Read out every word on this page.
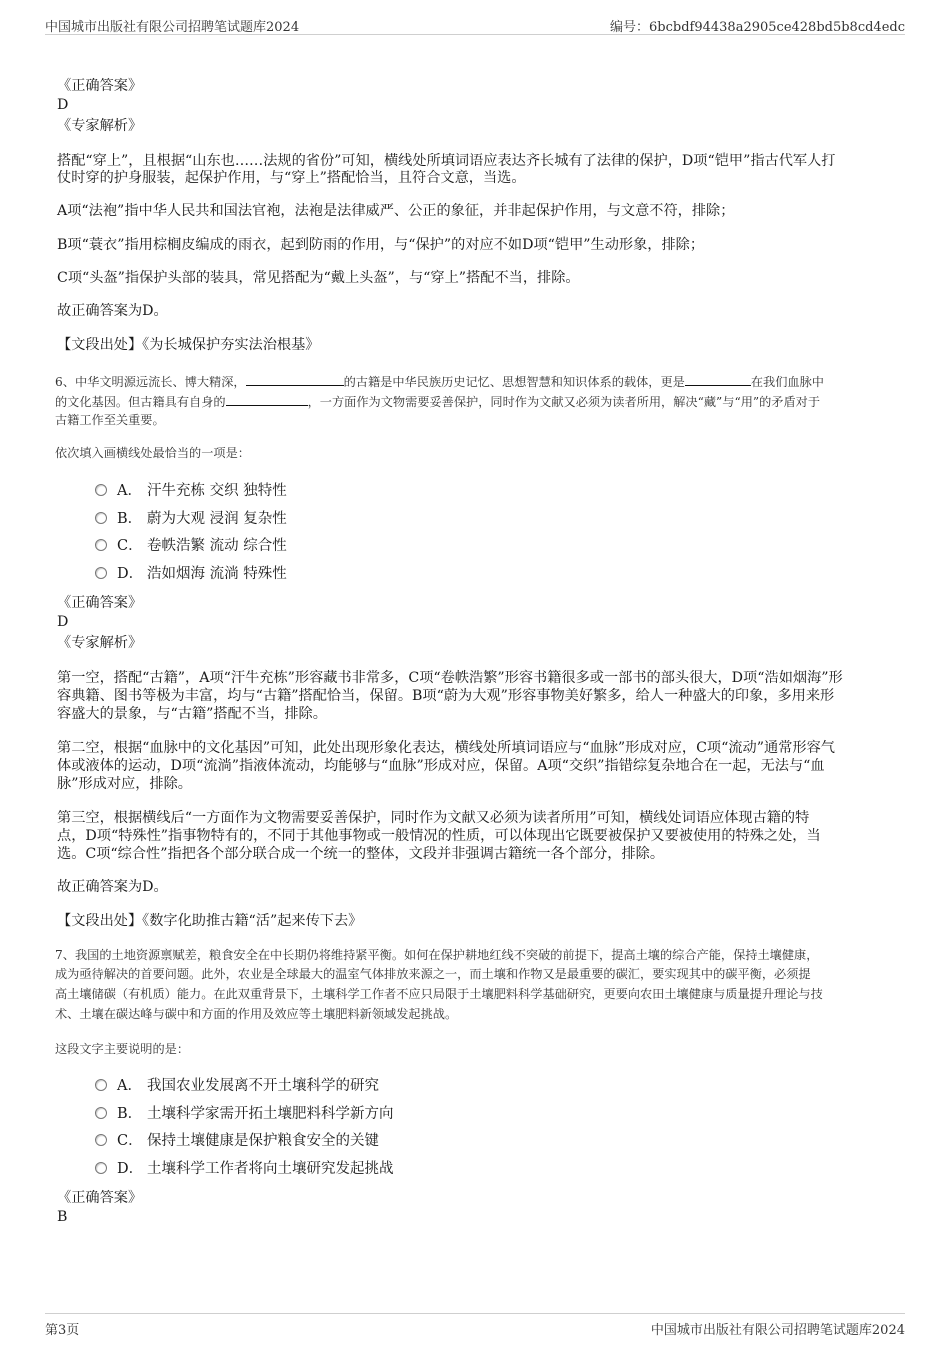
中国城市出版社有限公司招聘笔试题库2024	编号：6bcbdf94438a2905ce428bd5b8cd4edc
《正确答案》
D
《专家解析》
搭配“穿上”，且根据“山东也……法规的省份”可知，横线处所填词语应表达齐长城有了法律的保护，D项“铠甲”指古代军人打
仗时穿的护身服装，起保护作用，与“穿上”搭配恰当，且符合文意，当选。
A项“法袍”指中华人民共和国法官袍，法袍是法律威严、公正的象征，并非起保护作用，与文意不符，排除；
B项“蓑衣”指用棕榈皮编成的雨衣，起到防雨的作用，与“保护”的对应不如D项“铠甲”生动形象，排除；
C项“头盔”指保护头部的装具，常见搭配为“戴上头盔”，与“穿上”搭配不当，排除。
故正确答案为D。
【文段出处】《为长城保护夯实法治根基》
6、中华文明源远流长、博大精深，	的古籍是中华民族历史记忆、思想智慧和知识体系的载体，更是	在我们血脉中
的文化基因。但古籍具有自身的	，一方面作为文物需要妥善保护，同时作为文献又必须为读者所用，解决“藏”与“用”的矛盾对于
古籍工作至关重要。
依次填入画横线处最恰当的一项是：
A． 汗牛充栋 交织 独特性
B． 蔚为大观 浸润 复杂性
C． 卷帙浩繁 流动 综合性
D． 浩如烟海 流淌 特殊性
《正确答案》
D
《专家解析》
第一空，搭配“古籍”，A项“汗牛充栋”形容藏书非常多，C项“卷帙浩繁”形容书籍很多或一部书的部头很大，D项“浩如烟海”形
容典籍、图书等极为丰富，均与“古籍”搭配恰当，保留。B项“蔚为大观”形容事物美好繁多，给人一种盛大的印象，多用来形
容盛大的景象，与“古籍”搭配不当，排除。
第二空，根据“血脉中的文化基因”可知，此处出现形象化表达，横线处所填词语应与“血脉”形成对应，C项“流动”通常形容气
体或液体的运动，D项“流淌”指液体流动，均能够与“血脉”形成对应，保留。A项“交织”指错综复杂地合在一起，无法与“血
脉”形成对应，排除。
第三空，根据横线后“一方面作为文物需要妥善保护，同时作为文献又必须为读者所用”可知，横线处词语应体现古籍的特
点，D项“特殊性”指事物特有的，不同于其他事物或一般情况的性质，可以体现出它既要被保护又要被使用的特殊之处，当
选。C项“综合性”指把各个部分联合成一个统一的整体，文段并非强调古籍统一各个部分，排除。
故正确答案为D。
【文段出处】《数字化助推古籍“活”起来传下去》
7、我国的土地资源禀赋差，粮食安全在中长期仍将维持紧平衡。如何在保护耕地红线不突破的前提下，提高土壤的综合产能，保持土壤健康，
成为亟待解决的首要问题。此外，农业是全球最大的温室气体排放来源之一，而土壤和作物又是最重要的碳汇，要实现其中的碳平衡，必须提
高土壤储碳（有机质）能力。在此双重背景下，土壤科学工作者不应只局限于土壤肥料科学基础研究，更要向农田土壤健康与质量提升理论与技
术、土壤在碳达峰与碳中和方面的作用及效应等土壤肥料新领域发起挑战。
这段文字主要说明的是：
A． 我国农业发展离不开土壤科学的研究
B． 土壤科学家需开拓土壤肥料科学新方向
C． 保持土壤健康是保护粮食安全的关键
D． 土壤科学工作者将向土壤研究发起挑战
《正确答案》
B
第3页	中国城市出版社有限公司招聘笔试题库2024
